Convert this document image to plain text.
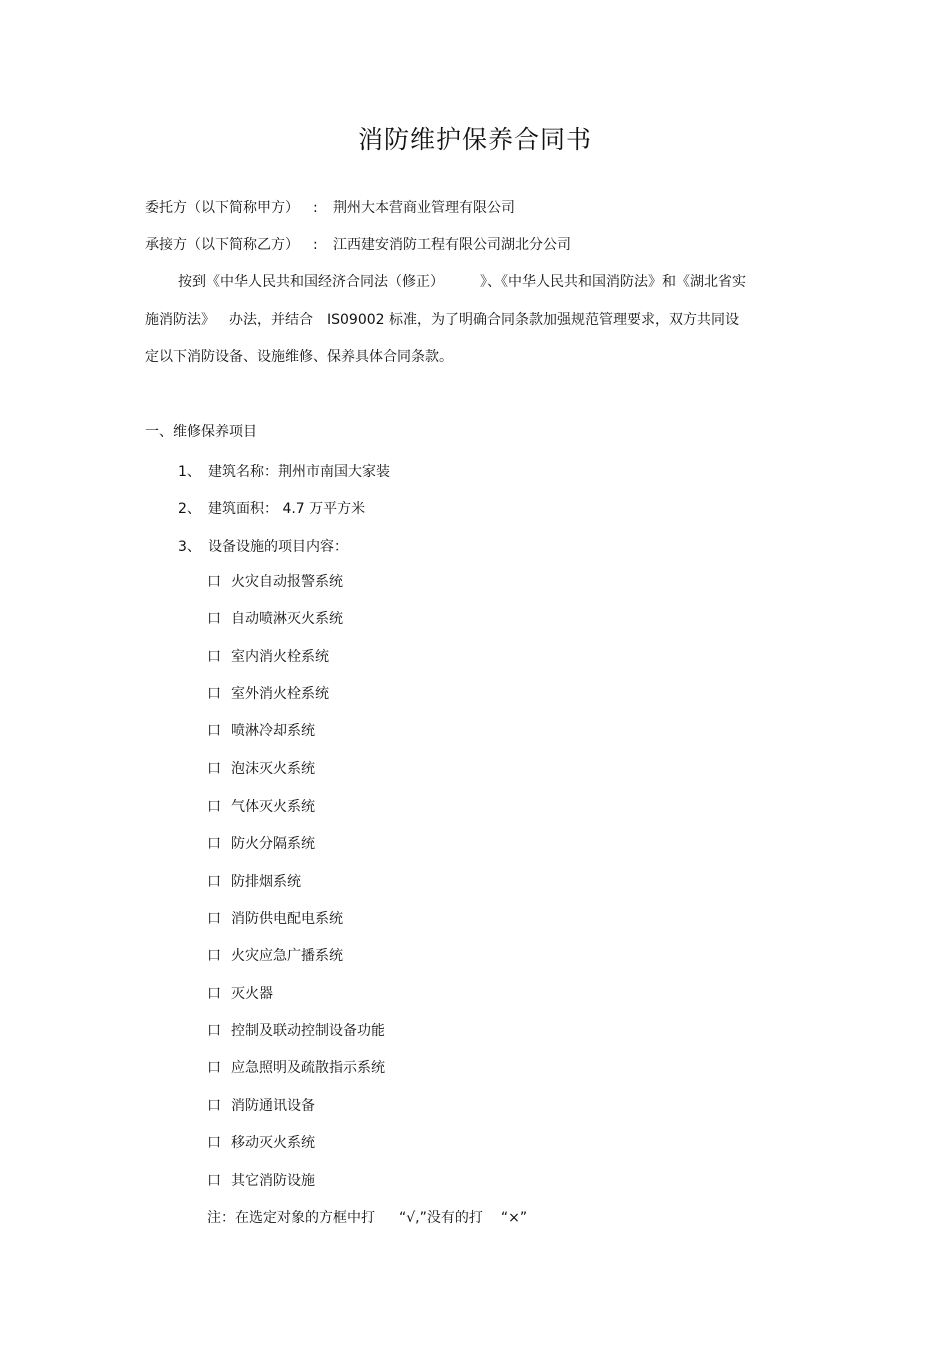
消防维护保养合同书
委托方（以下简称甲方） : 荆州大本营商业管理有限公司
承接方（以下简称乙方） : 江西建安消防工程有限公司湖北分公司
按到《中华人民共和国经济合同法（修正）	》、《中华人民共和国消防法》和《湖北省实
施消防法》 办法，并结合 IS09002 标准，为了明确合同条款加强规范管理要求，双方共同设
定以下消防设备、设施维修、保养具体合同条款。
一、维修保养项目
1、 建筑名称：荆州市南国大家装
2、 建筑面积： 4.7 万平方米
3、 设备设施的项目内容：
口 火灾自动报警系统
口 自动喷淋灭火系统
口 室内消火栓系统
口 室外消火栓系统
口 喷淋冷却系统
口 泡沫灭火系统
口 气体灭火系统
口 防火分隔系统
口 防排烟系统
口 消防供电配电系统
口 火灾应急广播系统
口 灭火器
口 控制及联动控制设备功能
口 应急照明及疏散指示系统
口 消防通讯设备
口 移动灭火系统
口 其它消防设施
注：在选定对象的方框中打 “√,”没有的打 “×”
